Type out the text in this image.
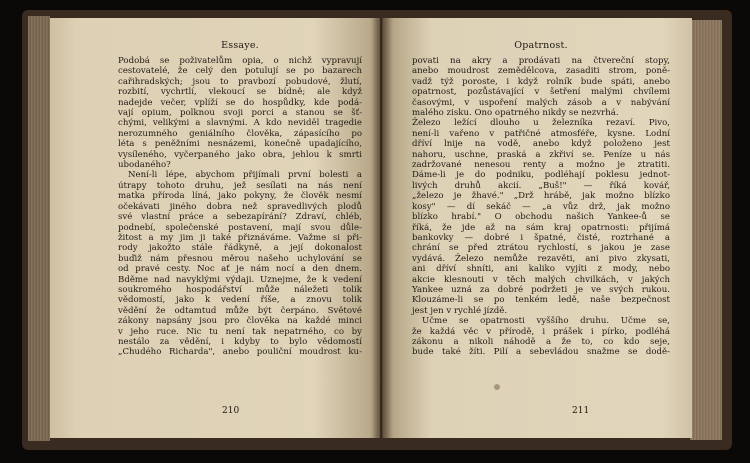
Essaye.
Podobá se poživatelům opia, o nichž vypravují
cestovatelé, že celý den potulují se po bazarech
cařihradských; jsou to pravbozí pobudové, žlutí,
rozbití, vychrtlí, vlekoucí se bídně; ale když
nadejde večer, vplíží se do hospůdky, kde podá-
vají opium, polknou svoji porci a stanou se šť-
chými, velikými a slavnými. A kdo neviděl tragedie
nerozumného geniálního člověka, zápasícího po
léta s peněžními nesnázemi, konečně upadajícího,
vysíleného, vyčerpaného jako obra, jehlou k smrti
ubodaného?
Není-li lépe, abychom přijímali první bolesti a
útrapy tohoto druhu, jež sesílati na nás není
matka příroda líná, jako pokyny, že člověk nesmí
očekávati jiného dobra než spravedlivých plodů
své vlastní práce a sebezapírání? Zdraví, chléb,
podnebí, společenské postavení, mají svou důle-
žitost a my jim ji také přiznáváme. Važme si při-
rody jakožto stále řádkyně, a její dokonalost
buďiž nám přesnou měrou našeho uchylování se
od pravé cesty. Noc ať je nám nocí a den dnem.
Bděme nad navyklými výdaji. Uznejme, že k vedení
soukromého hospodářství může náležeti tolik
vědomostí, jako k vedení říše, a znovu tolik
vědění že odtamtud může být čerpáno. Světové
zákony napsány jsou pro člověka na každé minci
v jeho ruce. Nic tu není tak nepatrného, co by
nestálo za vědění, i kdyby to bylo vědomostí
„Chudého Richarda", anebo pouliční moudrost ku-
210
Opatrnost.
povati na akry a prodávati na čtvereční stopy,
anebo moudrost zemědělcova, zasaditi strom, poně-
vadž týž poroste, i když rolník bude spáti, anebo
opatrnost, pozůstávající v šetření malými chvílemi
časovými, v uspoření malých zásob a v nabývání
malého zisku. Ono opatrného nikdy se nezvrhá.
Železo ležící dlouho u železníka rezaví. Pivo,
není-li vařeno v patřičné atmosféře, kysne. Lodní
dříví lnije na vodě, anebo když položeno jest
nahoru, uschne, praská a zkřiví se. Peníze u nás
zadržované nenesou renty a možno je ztratiti.
Dáme-li je do podniku, podléhají poklesu jednot-
livých druhů akcií. „Buš!" — říká kovář,
„železo je žhavé." „Drž hrábě, jak možno blízko
kosy" — dí sekáč — „a vůz drž, jak možno
blízko hrabí." O obchodu našich Yankee-ů se
říká, že jde až na sám kraj opatrnosti: přijímá
bankovky — dobré i špatné, čisté, roztrhané a
chrání se před ztrátou rychlostí, s jakou je zase
vydává. Železo nemůže rezavěti, ani pivo zkysati,
ani dříví shníti, ani kaliko vyjíti z mody, nebo
akcie klesnouti v těch malých chvilkách, v jakých
Yankee uzná za dobré podržeti je ve svých rukou.
Klouzáme-li se po tenkém ledě, naše bezpečnost
jest jen v rychlé jízdě.
Učme se opatrnosti vyššího druhu. Učme se,
že každá věc v přírodě, i prášek i pírko, podléhá
zákonu a nikoli náhodě a že to, co kdo seje,
bude také žíti. Pilí a sebevládou snažme se dodě-
211
